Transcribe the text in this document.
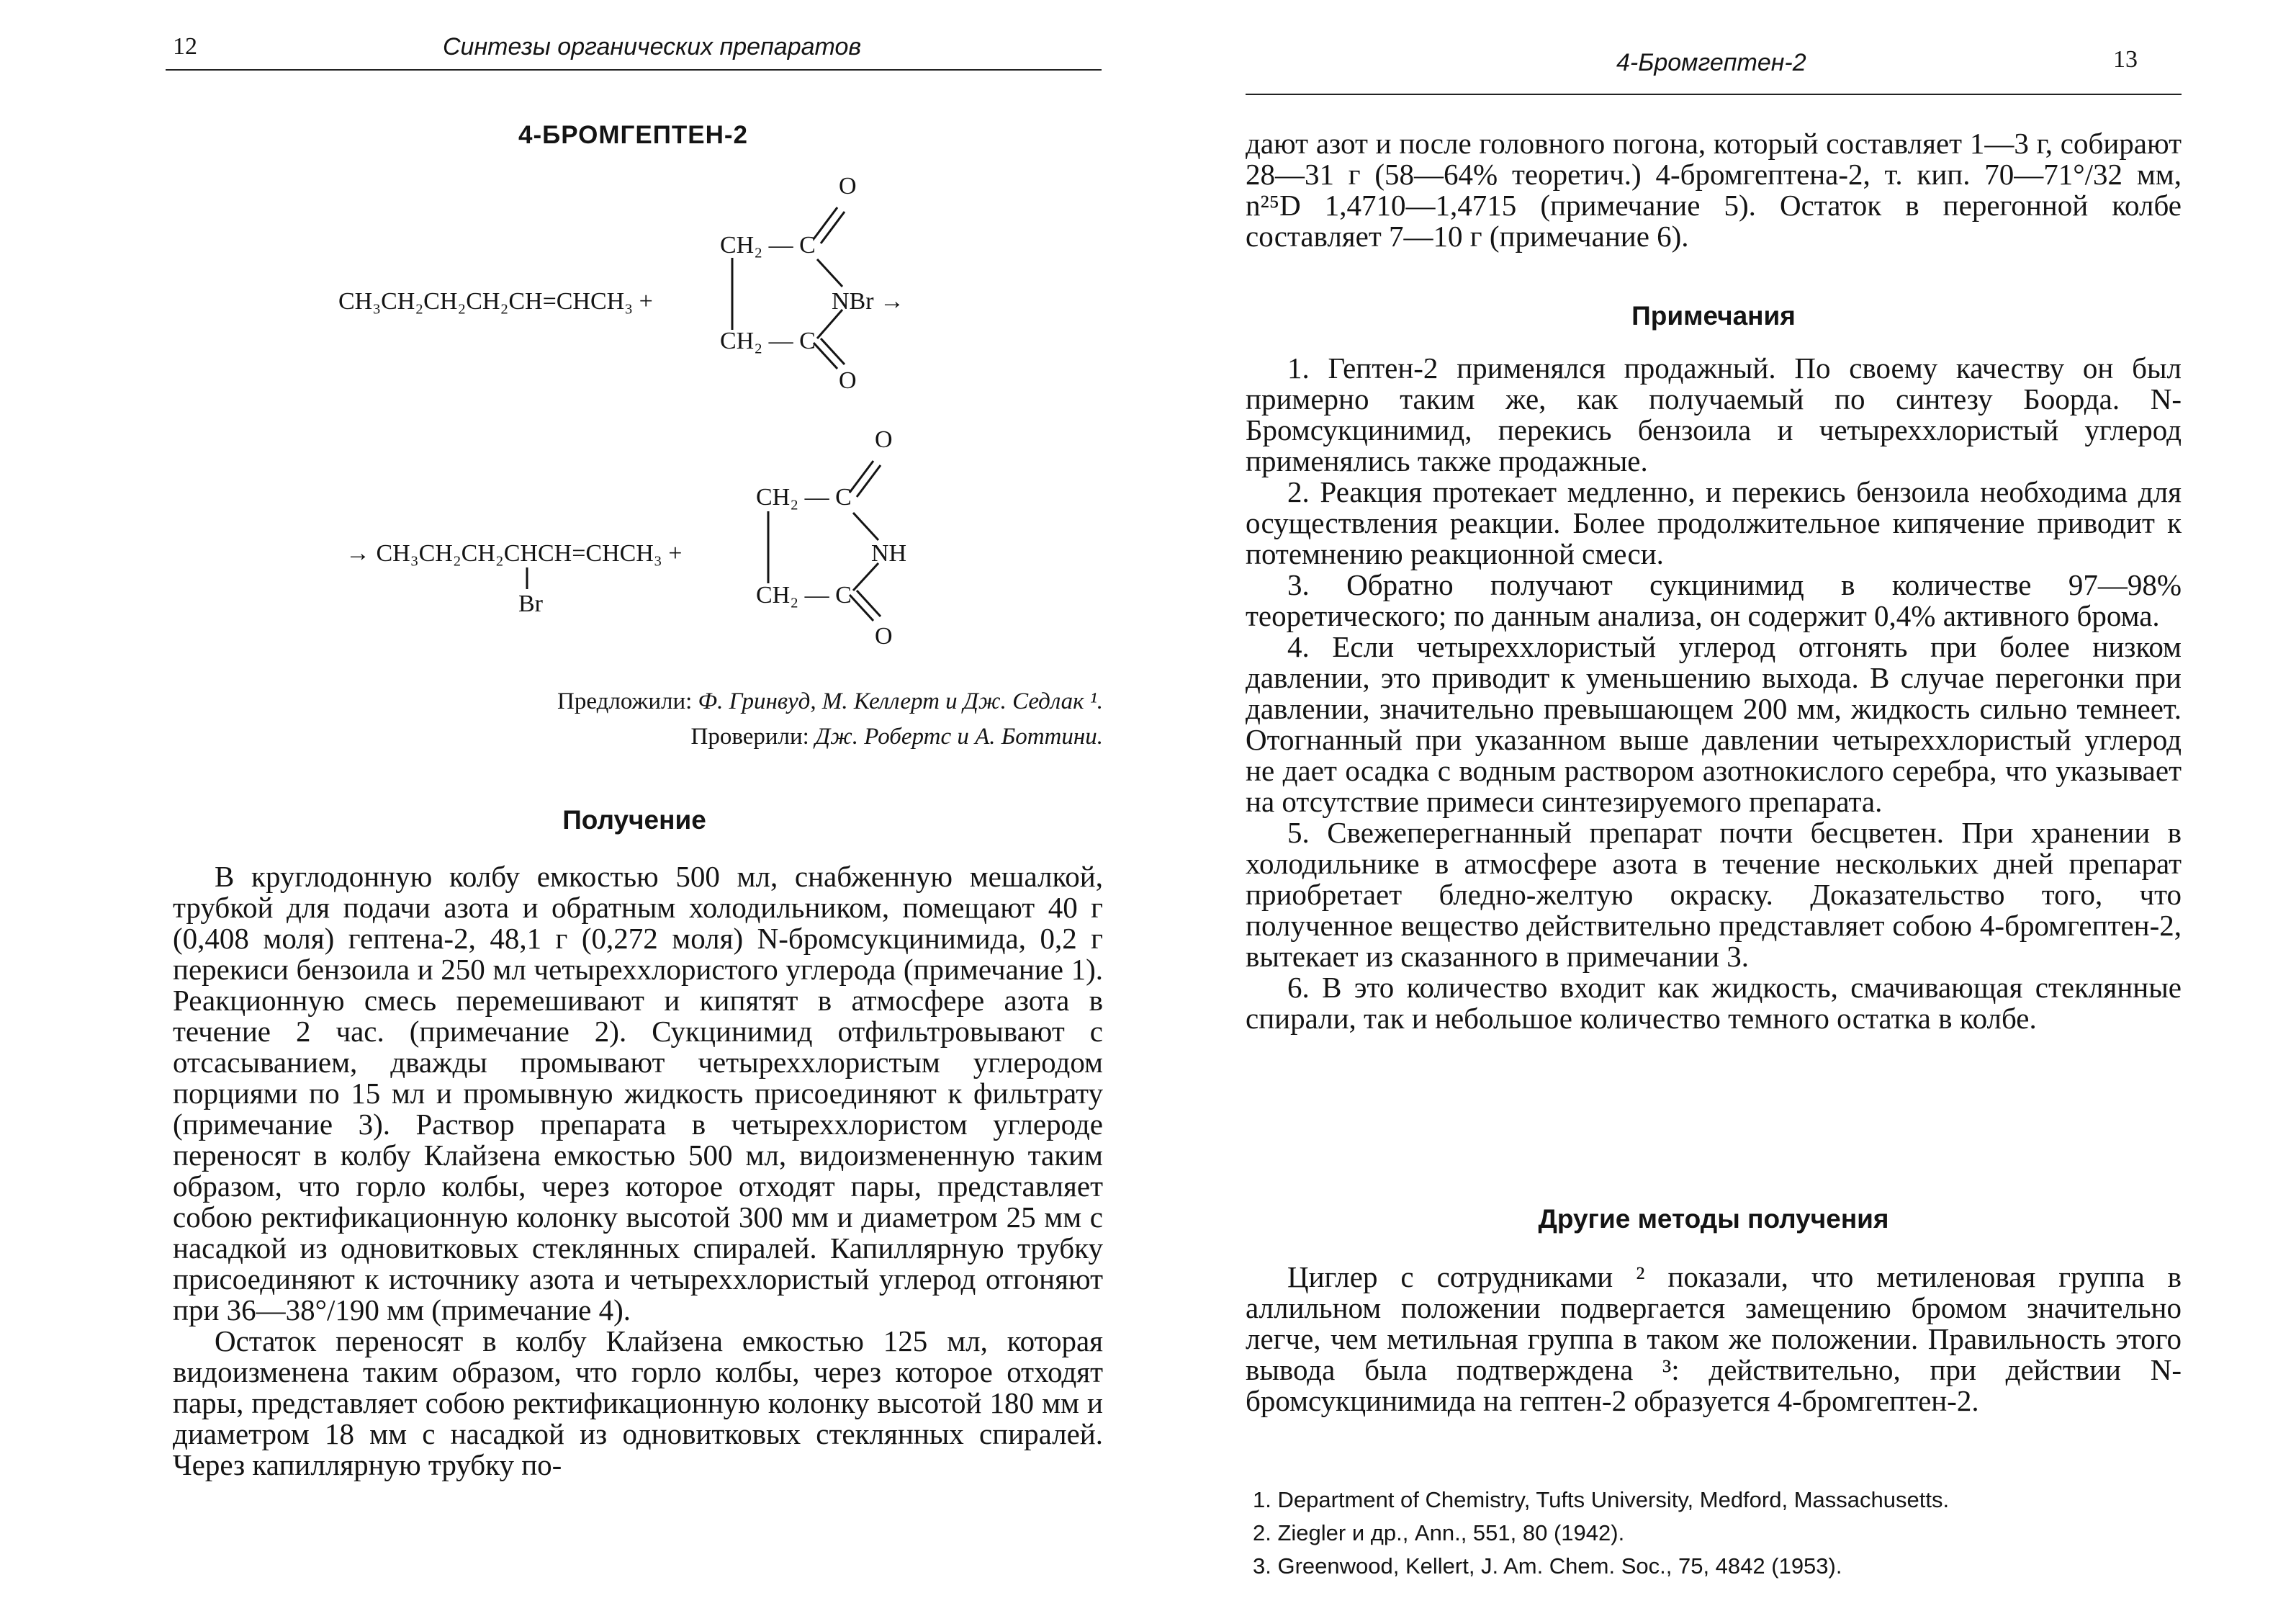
12	Синтезы органических препаратов
4-БРОМГЕПТЕН-2
O
CH₂ — C
CH₃CH₂CH₂CH₂CH=CHCH₃ +	NBr →
CH₂ — C
O
O
CH₂ — C
→ CH₃CH₂CH₂CHCH=CHCH₃ +	NH
Br	CH₂ — C
O
Предложили: Ф. Гринвуд, М. Келлерт и Дж. Седлак ¹.
Проверили: Дж. Робертс и А. Боттини.
Получение

В круглодонную колбу емкостью 500 мл, снабженную мешалкой, трубкой для подачи азота и обратным холодильником, помещают 40 г (0,408 моля) гептена-2, 48,1 г (0,272 моля) N-бромсукцинимида, 0,2 г перекиси бензоила и 250 мл четыреххлористого углерода (примечание 1). Реакционную смесь перемешивают и кипятят в атмосфере азота в течение 2 час. (примечание 2). Сукцинимид отфильтровывают с отсасыванием, дважды промывают четыреххлористым углеродом порциями по 15 мл и промывную жидкость присоединяют к фильтрату (примечание 3). Раствор препарата в четыреххлористом углероде переносят в колбу Клайзена емкостью 500 мл, видоизмененную таким образом, что горло колбы, через которое отходят пары, представляет собою ректификационную колонку высотой 300 мм и диаметром 25 мм с насадкой из одновитковых стеклянных спиралей. Капиллярную трубку присоединяют к источнику азота и четыреххлористый углерод отгоняют при 36—38°/190 мм (примечание 4).

Остаток переносят в колбу Клайзена емкостью 125 мл, которая видоизменена таким образом, что горло колбы, через которое отходят пары, представляет собою ректификационную колонку высотой 180 мм и диаметром 18 мм с насадкой из одновитковых стеклянных спиралей. Через капиллярную трубку по-

4-Бромгептен-2	13

дают азот и после головного погона, который составляет 1—3 г, собирают 28—31 г (58—64% теоретич.) 4-бромгептена-2, т. кип. 70—71°/32 мм, n²⁵D 1,4710—1,4715 (примечание 5). Остаток в перегонной колбе составляет 7—10 г (примечание 6).

Примечания

1. Гептен-2 применялся продажный. По своему качеству он был примерно таким же, как получаемый по синтезу Боорда. N-Бромсукцинимид, перекись бензоила и четыреххлористый углерод применялись также продажные.

2. Реакция протекает медленно, и перекись бензоила необходима для осуществления реакции. Более продолжительное кипячение приводит к потемнению реакционной смеси.

3. Обратно получают сукцинимид в количестве 97—98% теоретического; по данным анализа, он содержит 0,4% активного брома.

4. Если четыреххлористый углерод отгонять при более низком давлении, это приводит к уменьшению выхода. В случае перегонки при давлении, значительно превышающем 200 мм, жидкость сильно темнеет. Отогнанный при указанном выше давлении четыреххлористый углерод не дает осадка с водным раствором азотнокислого серебра, что указывает на отсутствие примеси синтезируемого препарата.

5. Свежеперегнанный препарат почти бесцветен. При хранении в холодильнике в атмосфере азота в течение нескольких дней препарат приобретает бледно-желтую окраску. Доказательство того, что полученное вещество действительно представляет собою 4-бромгептен-2, вытекает из сказанного в примечании 3.

6. В это количество входит как жидкость, смачивающая стеклянные спирали, так и небольшое количество темного остатка в колбе.

Другие методы получения

Циглер с сотрудниками ² показали, что метиленовая группа в аллильном положении подвергается замещению бромом значительно легче, чем метильная группа в таком же положении. Правильность этого вывода была подтверждена ³: действительно, при действии N-бромсукцинимида на гептен-2 образуется 4-бромгептен-2.

1. Department of Chemistry, Tufts University, Medford, Massachusetts.

2. Ziegler и др., Ann., 551, 80 (1942).

3. Greenwood, Kellert, J. Am. Chem. Soc., 75, 4842 (1953).
